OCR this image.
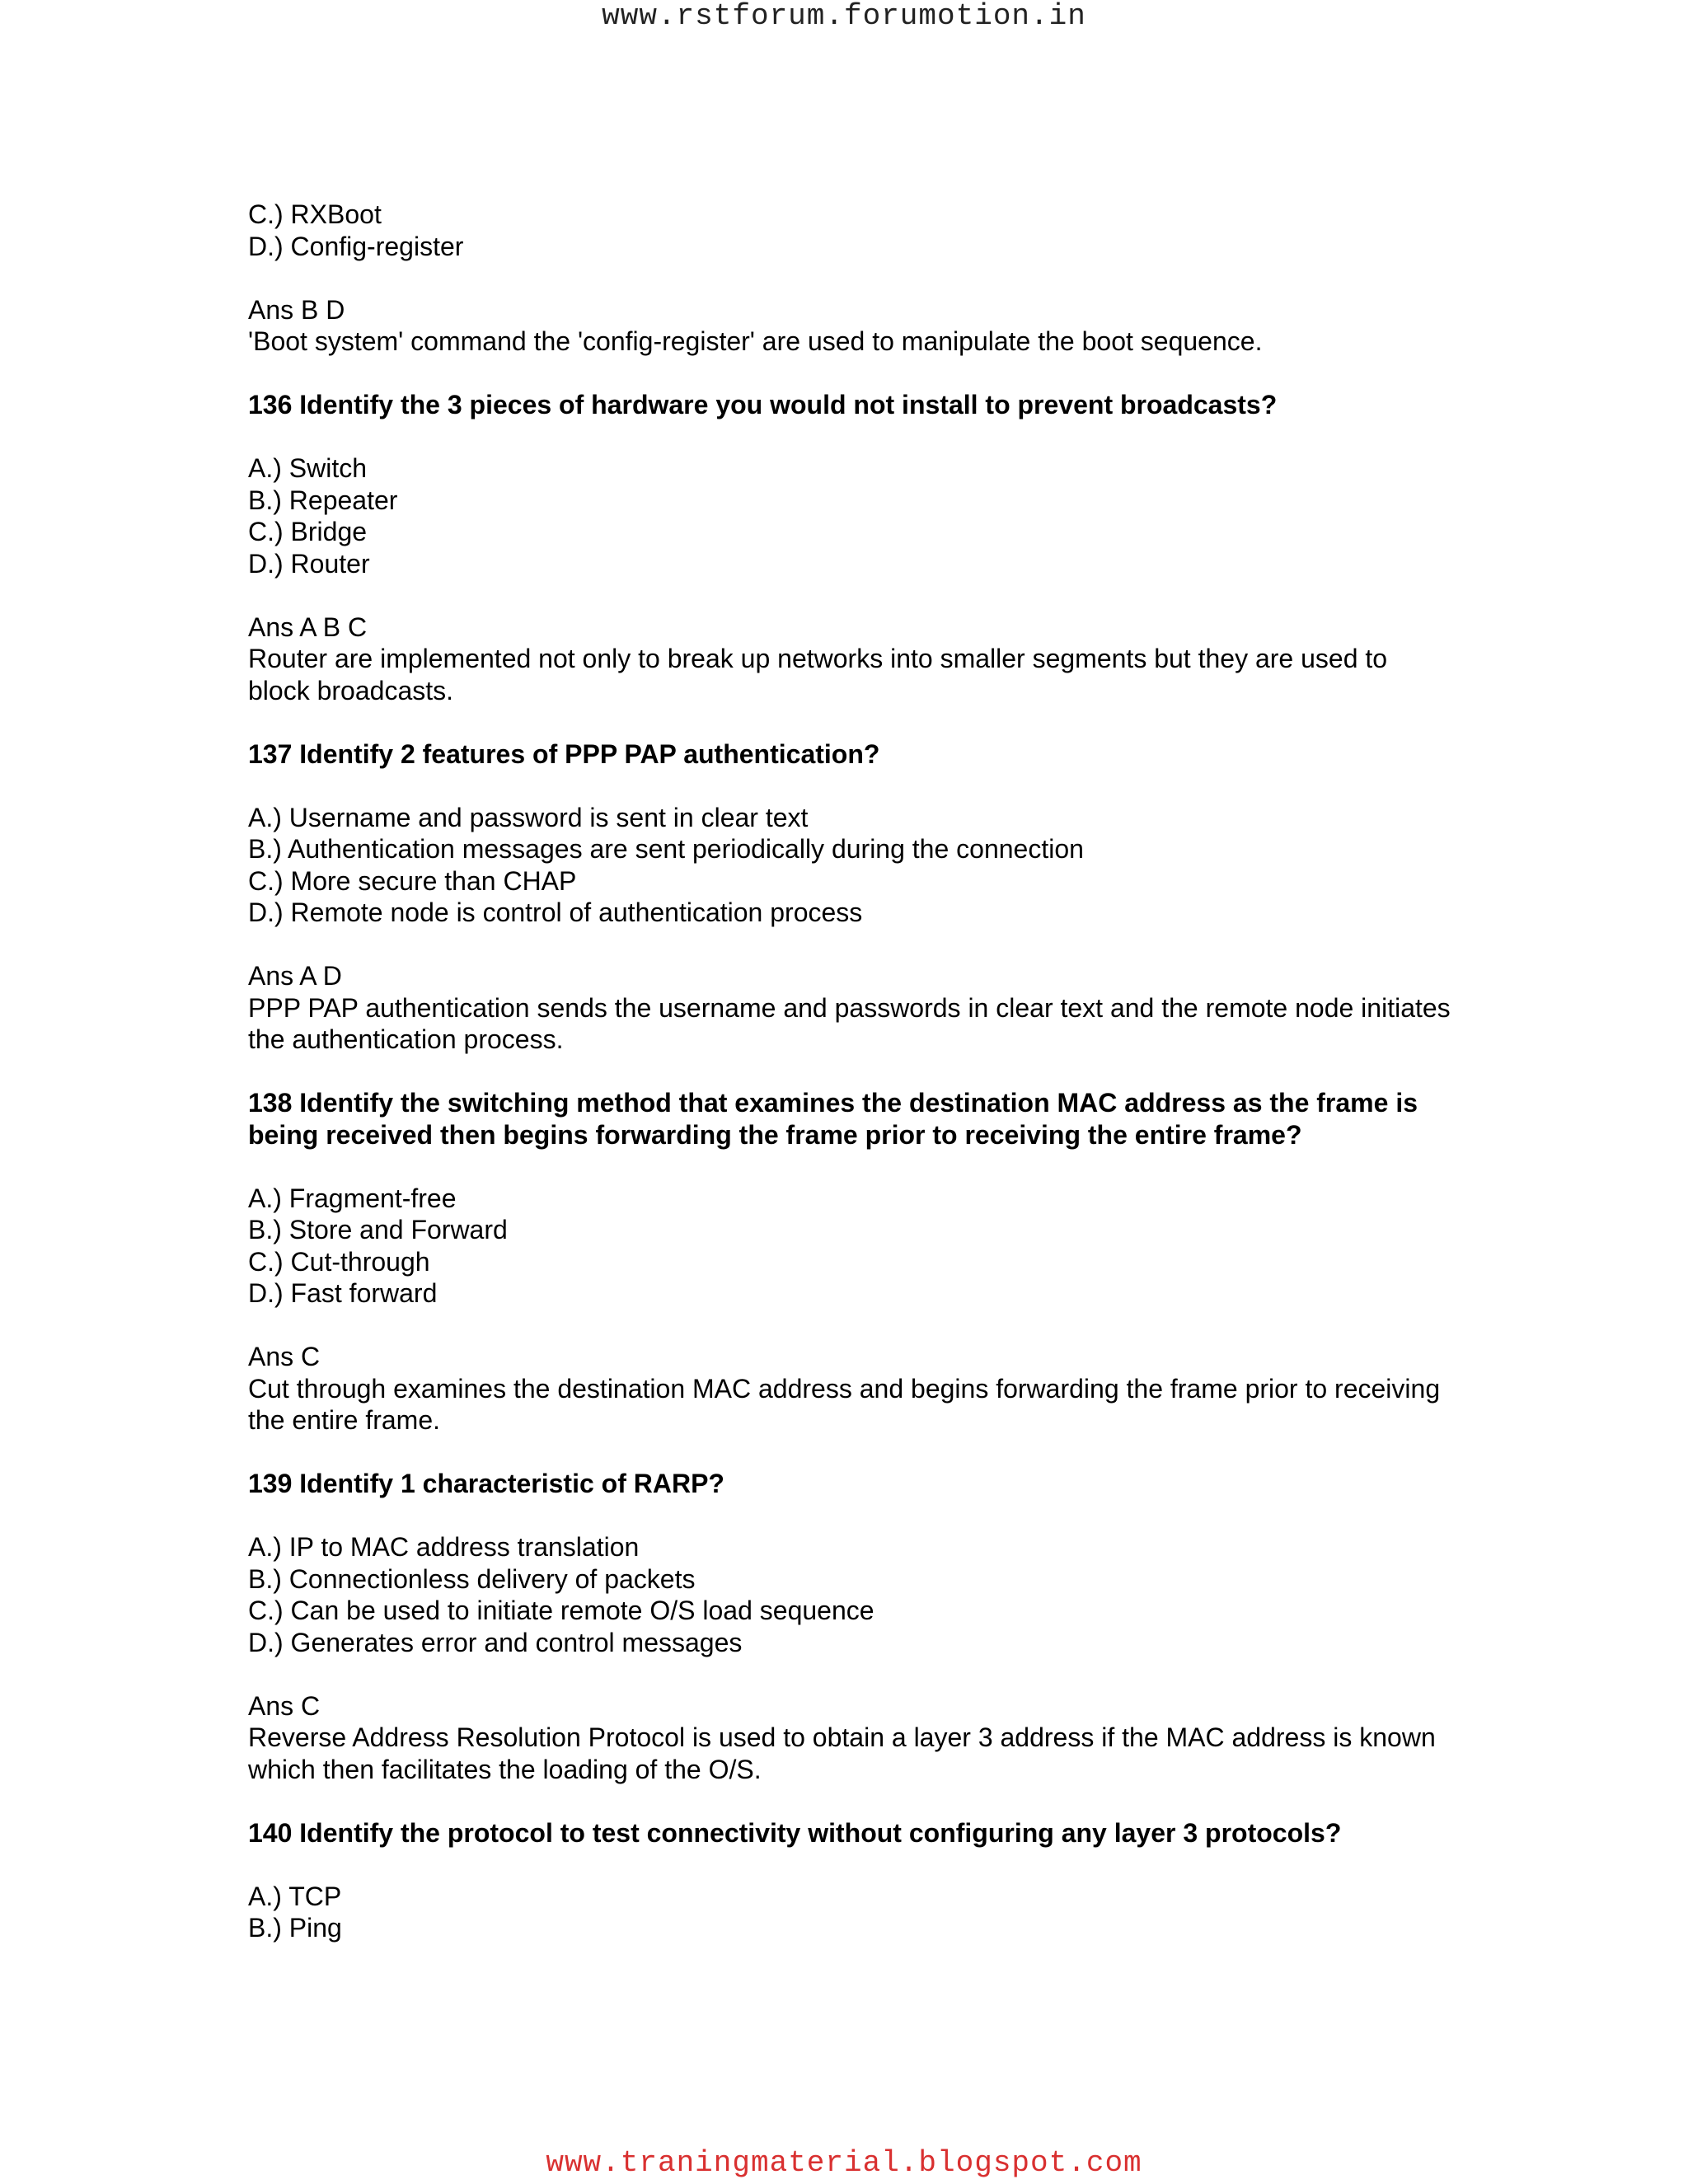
www.rstforum.forumotion.in
C.) RXBoot
D.) Config-register
Ans B D
'Boot system' command the 'config-register' are used to manipulate the boot sequence.
136 Identify the 3 pieces of hardware you would not install to prevent broadcasts?
A.) Switch
B.) Repeater
C.) Bridge
D.) Router
Ans A B C
Router are implemented not only to break up networks into smaller segments but they are used to block broadcasts.
137 Identify 2 features of PPP PAP authentication?
A.) Username and password is sent in clear text
B.) Authentication messages are sent periodically during the connection
C.) More secure than CHAP
D.) Remote node is control of authentication process
Ans A D
PPP PAP authentication sends the username and passwords in clear text and the remote node initiates the authentication process.
138 Identify the switching method that examines the destination MAC address as the frame is being received then begins forwarding the frame prior to receiving the entire frame?
A.) Fragment-free
B.) Store and Forward
C.) Cut-through
D.) Fast forward
Ans C
Cut through examines the destination MAC address and begins forwarding the frame prior to receiving the entire frame.
139 Identify 1 characteristic of RARP?
A.) IP to MAC address translation
B.) Connectionless delivery of packets
C.) Can be used to initiate remote O/S load sequence
D.) Generates error and control messages
Ans C
Reverse Address Resolution Protocol is used to obtain a layer 3 address if the MAC address is known which then facilitates the loading of the O/S.
140 Identify the protocol to test connectivity without configuring any layer 3 protocols?
A.) TCP
B.) Ping
www.traningmaterial.blogspot.com
